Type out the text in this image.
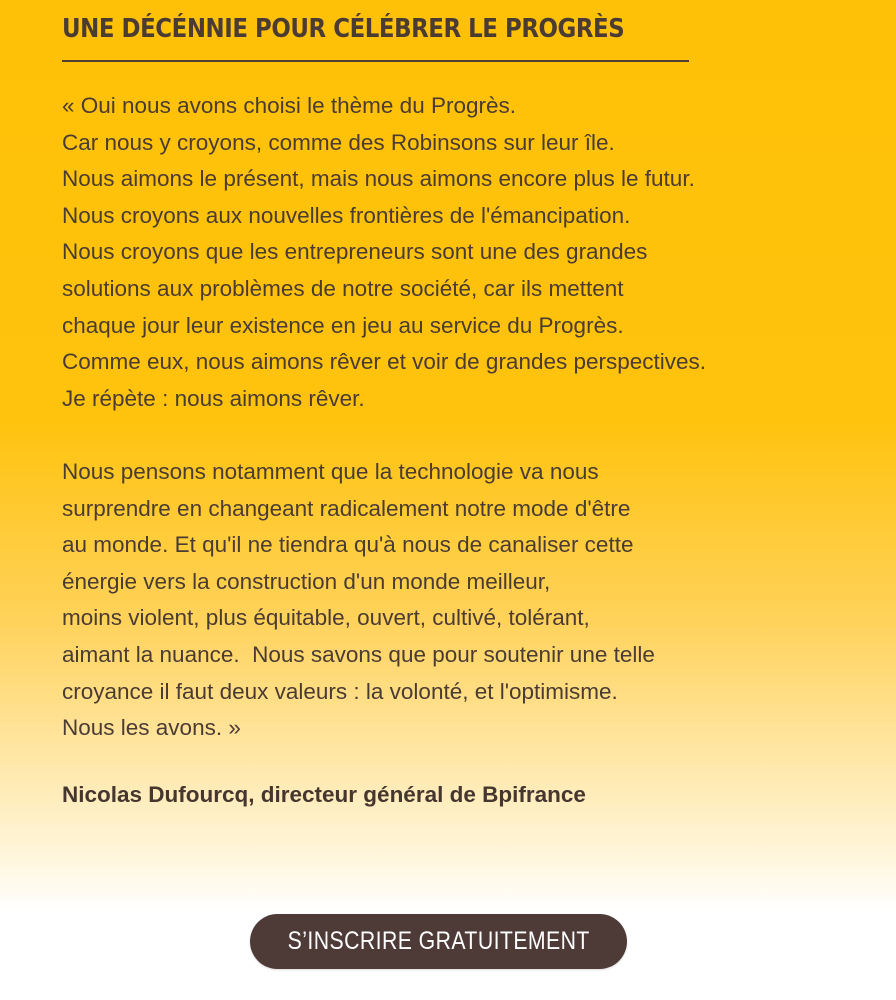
UNE DÉCÉNNIE POUR CÉLÉBRER LE PROGRÈS
« Oui nous avons choisi le thème du Progrès.
Car nous y croyons, comme des Robinsons sur leur île.
Nous aimons le présent, mais nous aimons encore plus le futur.
Nous croyons aux nouvelles frontières de l'émancipation.
Nous croyons que les entrepreneurs sont une des grandes
solutions aux problèmes de notre société, car ils mettent
chaque jour leur existence en jeu au service du Progrès.
Comme eux, nous aimons rêver et voir de grandes perspectives.
Je répète : nous aimons rêver.
Nous pensons notamment que la technologie va nous
surprendre en changeant radicalement notre mode d'être
au monde. Et qu'il ne tiendra qu'à nous de canaliser cette
énergie vers la construction d'un monde meilleur,
moins violent, plus équitable, ouvert, cultivé, tolérant,
aimant la nuance.  Nous savons que pour soutenir une telle
croyance il faut deux valeurs : la volonté, et l'optimisme.
Nous les avons. »
Nicolas Dufourcq, directeur général de Bpifrance
S’INSCRIRE GRATUITEMENT
